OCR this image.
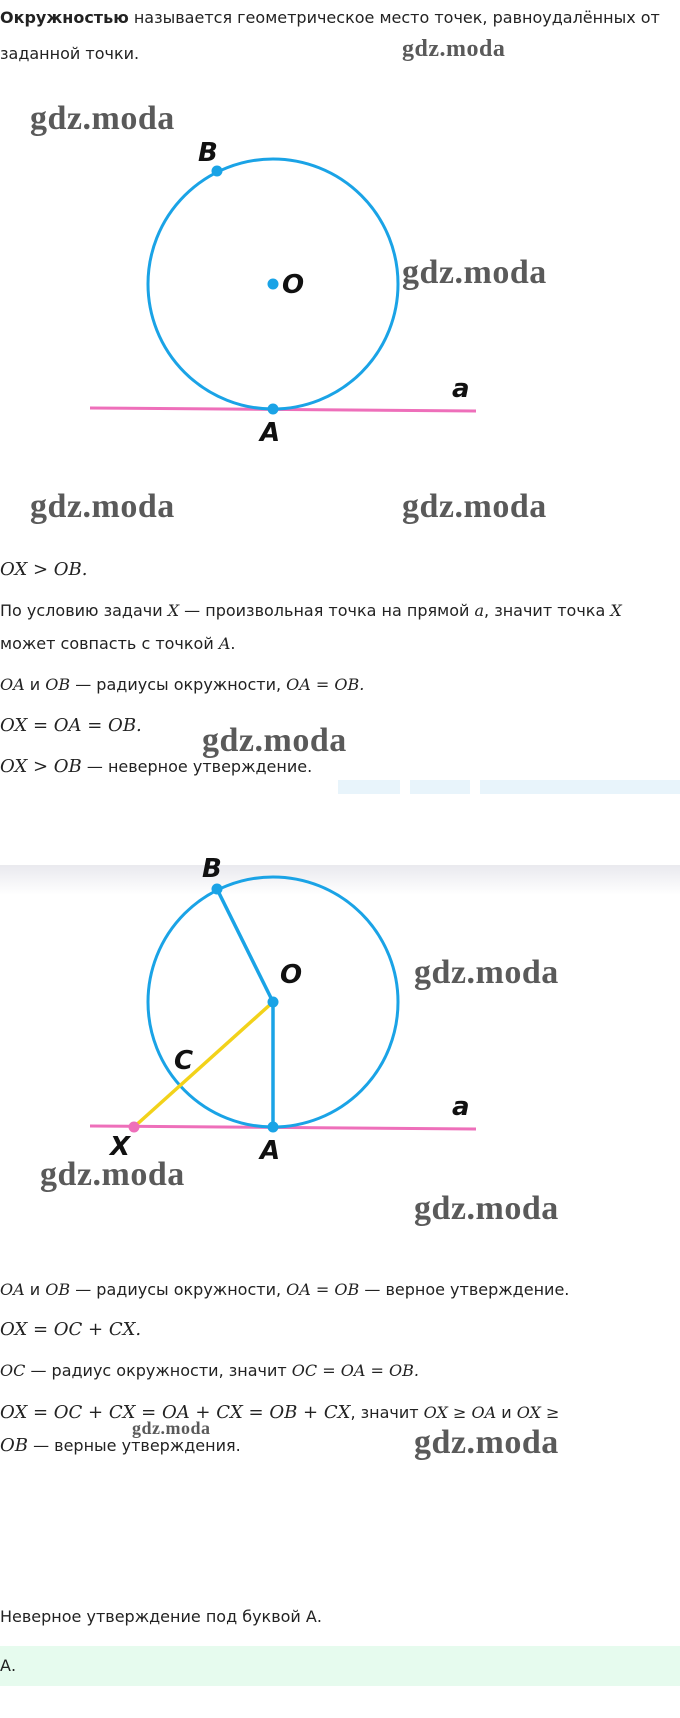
Окружностью называется геометрическое место точек, равноудалённых от
заданной точки.	gdz.moda
gdz.moda
gdz.moda
gdz.moda	gdz.moda
B
O
a
A
OX > OB.
По условию задачи X — произвольная точка на прямой a, значит точка X
может совпасть с точкой A.
OA и OB — радиусы окружности, OA = OB.
OX = OA = OB. gdz.moda
OX > OB — неверное утверждение.
gdz.moda
gdz.moda
gdz.moda
B
O
C
a
X	A
OA и OB — радиусы окружности, OA = OB — верное утверждение.
OX = OC + CX.
OC — радиус окружности, значит OC = OA = OB.
OX = OC + CX = OA + CX = OB + CX, значит OX ≥ OA и OX ≥
OB — верные утверждения.
gdz.moda	gdz.moda
Неверное утверждение под буквой А.
А.
